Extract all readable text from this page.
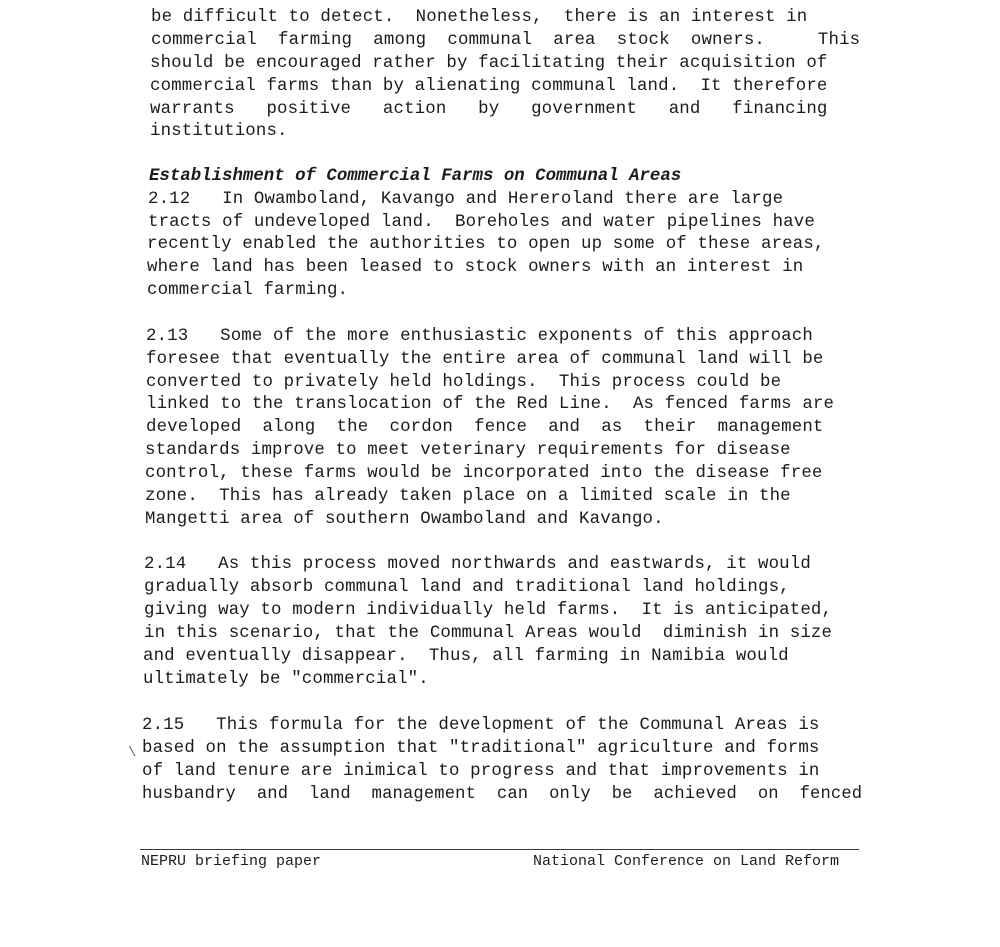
be difficult to detect.  Nonetheless,  there is an interest in
commercial  farming  among  communal  area  stock  owners.     This
should be encouraged rather by facilitating their acquisition of
commercial farms than by alienating communal land.  It therefore
warrants   positive   action   by   government   and   financing
institutions.
Establishment of Commercial Farms on Communal Areas
2.12   In Owamboland, Kavango and Hereroland there are large
tracts of undeveloped land.  Boreholes and water pipelines have
recently enabled the authorities to open up some of these areas,
where land has been leased to stock owners with an interest in
commercial farming.
2.13   Some of the more enthusiastic exponents of this approach
foresee that eventually the entire area of communal land will be
converted to privately held holdings.  This process could be
linked to the translocation of the Red Line.  As fenced farms are
developed  along  the  cordon  fence  and  as  their  management
standards improve to meet veterinary requirements for disease
control, these farms would be incorporated into the disease free
zone.  This has already taken place on a limited scale in the
Mangetti area of southern Owamboland and Kavango.
2.14   As this process moved northwards and eastwards, it would
gradually absorb communal land and traditional land holdings,
giving way to modern individually held farms.  It is anticipated,
in this scenario, that the Communal Areas would  diminish in size
and eventually disappear.  Thus, all farming in Namibia would
ultimately be "commercial".
2.15   This formula for the development of the Communal Areas is
\ based on the assumption that "traditional" agriculture and forms
of land tenure are inimical to progress and that improvements in
husbandry  and  land  management  can  only  be  achieved  on  fenced
NEPRU briefing paper	National Conference on Land Reform
